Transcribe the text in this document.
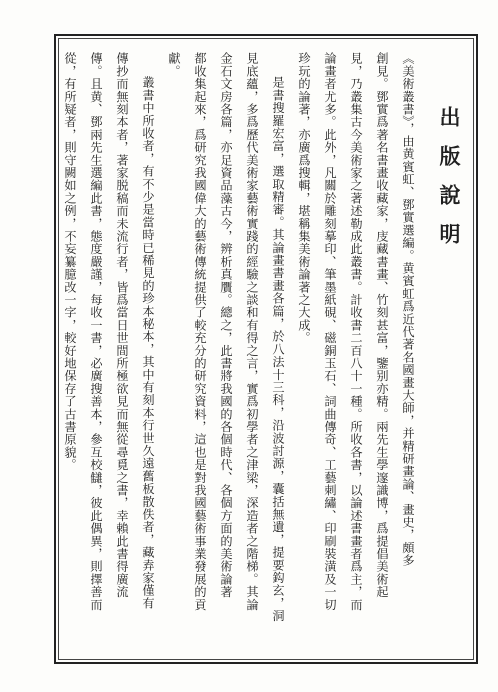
出版說明
《美術叢書》，由黄賓虹、鄧實選編。黄賓虹爲近代著名國畫大師，并精研畫論、畫史，頗多
創見。鄧實爲著名書畫收藏家，庋藏書畫、竹刻甚富，鑒别亦精。兩先生學邃識博，爲提倡美術起
見，乃叢集古今美術家之著述勒成此叢書。計收書二百八十一種。所收各書，以論述書畫者爲主，而
論畫者尤多。此外，凡關於雕刻摹印、筆墨紙硯、磁銅玉石、詞曲傳奇、工藝刺繡、印刷裝潢及一切
珍玩的論著，亦廣爲搜輯，堪稱集美術論著之大成。
是書搜羅宏富，選取精審。其論畫書畫各篇，於八法十三科，沿波討源，囊括無遺，提要鈎玄，洞
見底蘊，多爲歷代美術家藝術實踐的經驗之談和有得之言，實爲初學者之津梁，深造者之階梯。其論
金石文房各篇，亦足資品藻古今，辨析真贋。總之，此書將我國的各個時代、各個方面的美術論著
都收集起來，爲研究我國偉大的藝術傳統提供了較充分的研究資料，這也是對我國藝術事業發展的貢
獻。
叢書中所收者，有不少是當時已稀見的珍本秘本，其中有刻本行世久遠舊板散佚者，藏弆家僅有
傳抄而無刻本者，著家脱稿而未流行者，皆爲當日世間所極欲見而無從尋覓之書，幸賴此書得廣流
傳。且黄、鄧兩先生選編此書，態度嚴謹，每收一書，必廣搜善本，參互校讎，彼此偶異，則擇善而
從，有所疑者，則守闕如之例，不妄纂臆改一字，較好地保存了古書原貌。
